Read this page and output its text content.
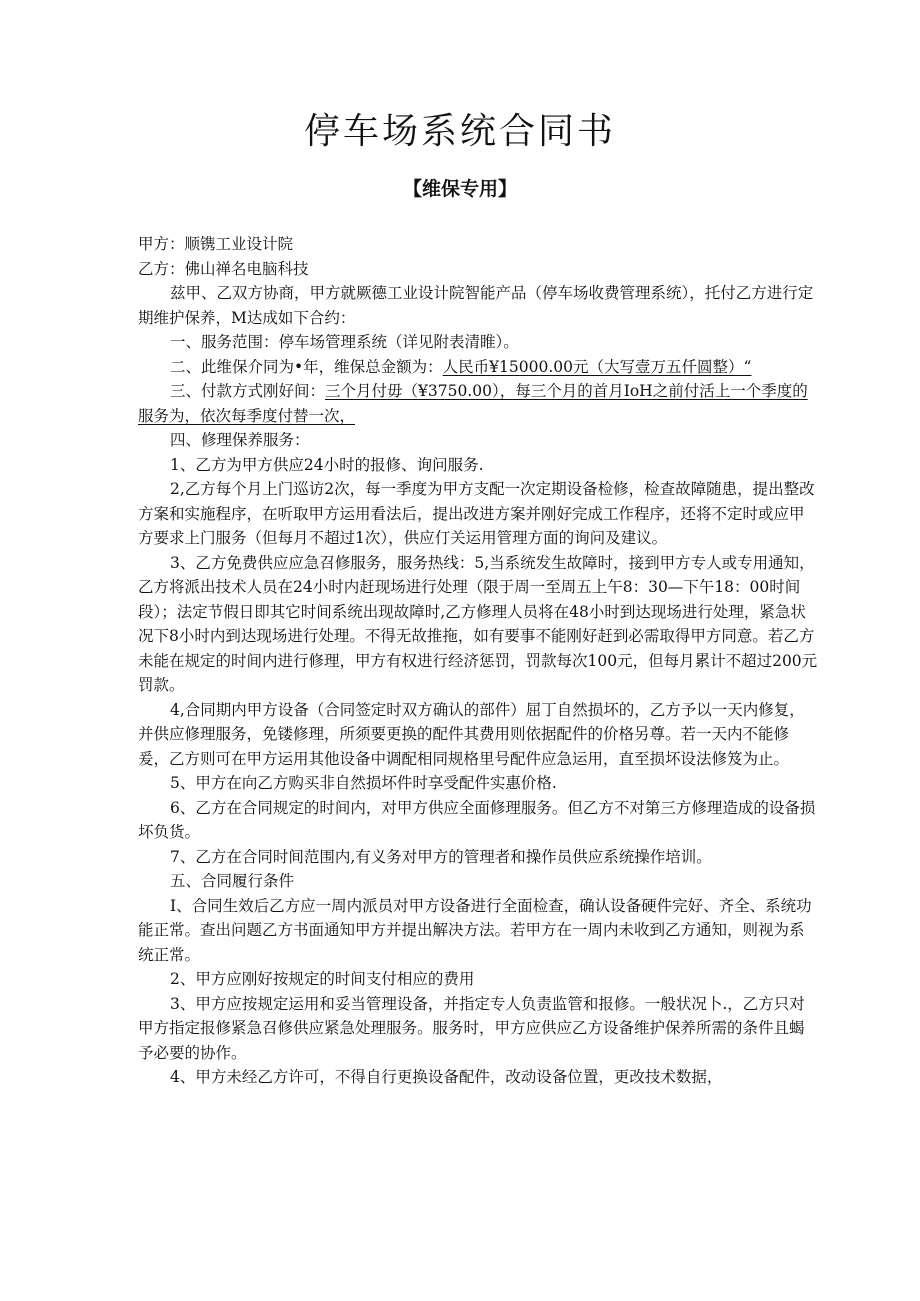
停车场系统合同书
【维保专用】

甲方：顺镌工业设计院

乙方：佛山禅名电脑科技

兹甲、乙双方协商，甲方就厥德工业设计院智能产品（停车场收费管理系统），托付乙方进行定期维护保养，M达成如下合约：

一、服务范围：停车场管理系统（详见附表清睢）。

二、此维保介同为•年，维保总金额为：人民币¥15000.00元（大写壹万五仟圆整）“

三、付款方式刚好间：三个月付毋（¥3750.00），每三个月的首月IoH之前付活上一个季度的服务为，依次每季度付替一次，

四、修理保养服务：

1、乙方为甲方供应24小时的报修、询问服务.

2,乙方每个月上门巡访2次，每一季度为甲方支配一次定期设备检修，检查故障随患，提出整改方案和实施程序，在听取甲方运用看法后，提出改进方案并刚好完成工作程序，还将不定时或应甲方要求上门服务（但每月不超过1次），供应仃关运用管理方面的询问及建议。

3、乙方免费供应应急召修服务，服务热线：5,当系统发生故障时，接到甲方专人或专用通知，乙方将派出技术人员在24小时内赶现场进行处理（限于周一至周五上午8：30—下午18：00时间段）；法定节假日即其它时间系统出现故障时,乙方修理人员将在48小时到达现场进行处理，紧急状况下8小时内到达现场进行处理。不得无故推拖，如有要事不能刚好赶到必需取得甲方同意。若乙方未能在规定的时间内进行修理，甲方有权进行经济惩罚，罚款每次100元，但每月累计不超过200元罚款。

4,合同期内甲方设备（合同签定时双方确认的部件）屈丁自然损坏的，乙方予以一天内修复，并供应修理服务，免镂修理，所须要更换的配件其费用则依据配件的价格另尊。若一天内不能修爰，乙方则可在甲方运用其他设备中调配相同规格里号配件应急运用，直至损坏设法修笈为止。

5、甲方在向乙方购买非自然损坏件时享受配件实惠价格.

6、乙方在合同规定的时间内，对甲方供应全面修理服务。但乙方不对第三方修理造成的设备损坏负货。

7、乙方在合同时间范围内,有义务对甲方的管理者和操作员供应系统操作培训。

五、合同履行条件

I、合同生效后乙方应一周内派员对甲方设备进行全面检查，确认设备硬件完好、齐全、系统功能正常。查出问题乙方书面通知甲方并提出解决方法。若甲方在一周内未收到乙方通知，则视为系统正常。

2、甲方应刚好按规定的时间支付相应的费用

3、甲方应按规定运用和妥当管理设备，并指定专人负责监管和报修。一般状况卜.，乙方只对甲方指定报修紧急召修供应紧急处理服务。服务时，甲方应供应乙方设备维护保养所需的条件且蝎予必要的协作。

4、甲方未经乙方许可，不得自行更换设备配件，改动设备位置，更改技术数据，
